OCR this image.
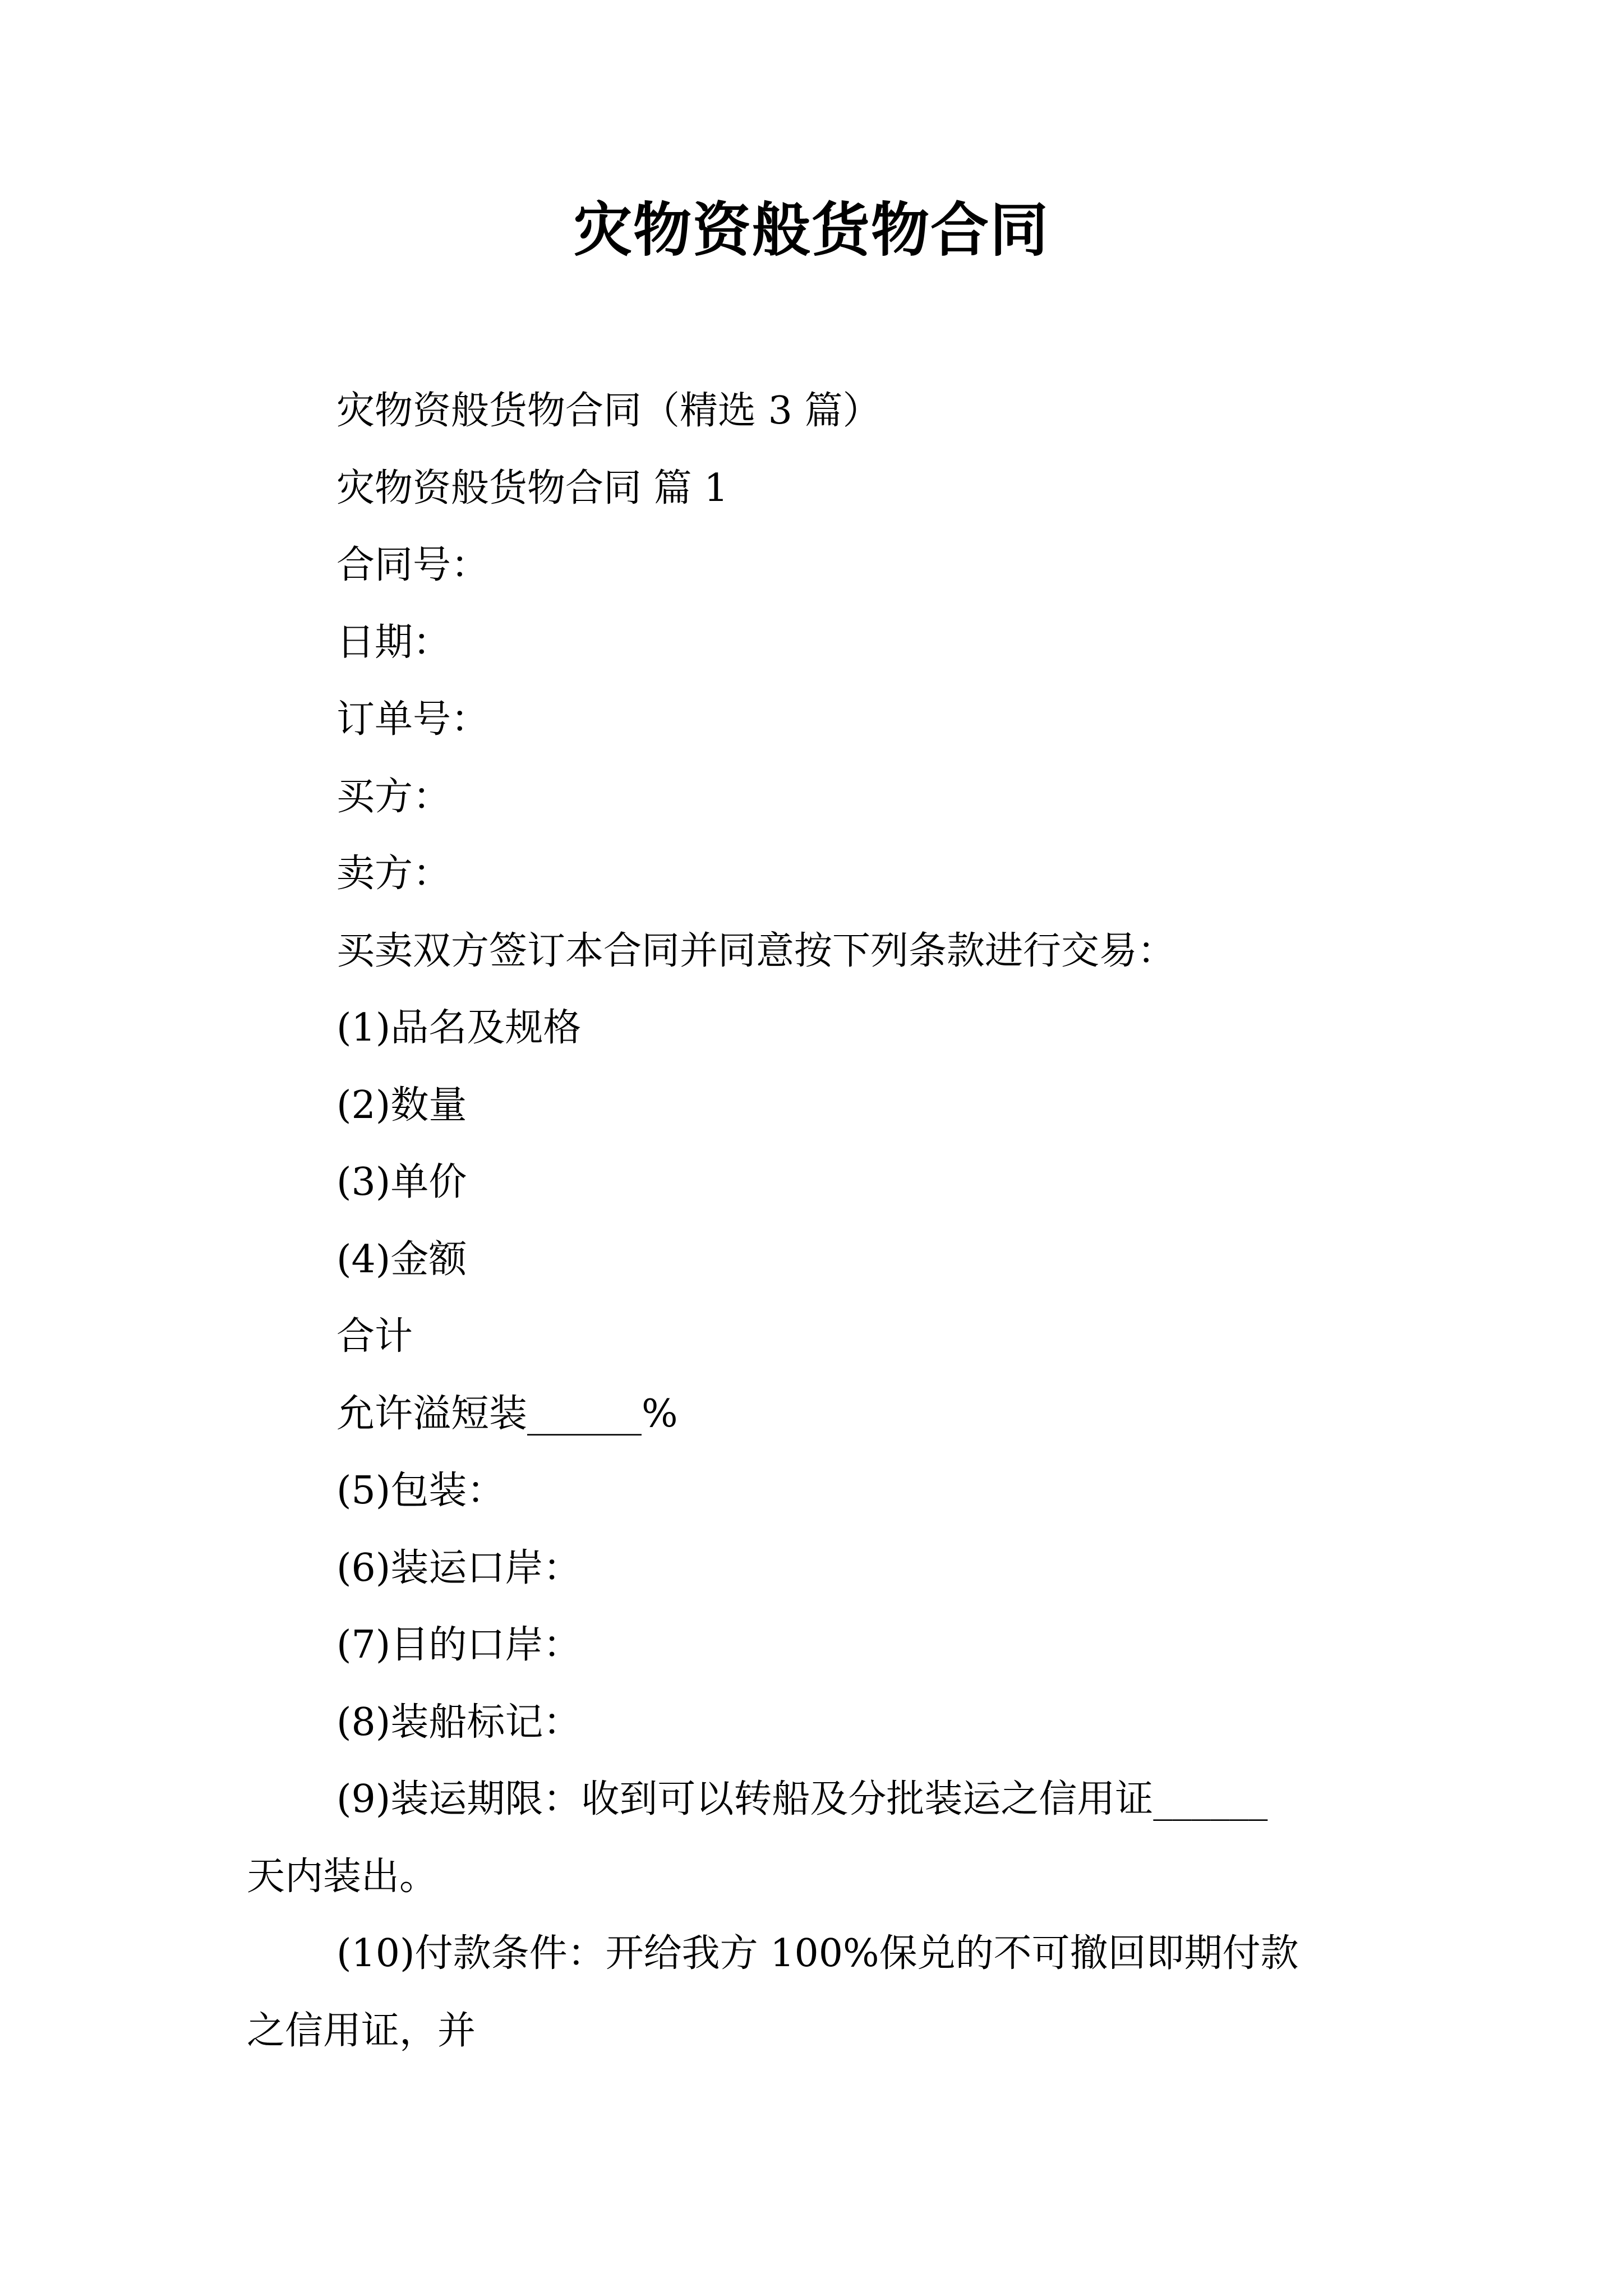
灾物资般货物合同
灾物资般货物合同（精选 3 篇）
灾物资般货物合同 篇 1
合同号：
日期：
订单号：
买方：
卖方：
买卖双方签订本合同并同意按下列条款进行交易：
(1)品名及规格
(2)数量
(3)单价
(4)金额
合计
允许溢短装______%
(5)包装：
(6)装运口岸：
(7)目的口岸：
(8)装船标记：
(9)装运期限：收到可以转船及分批装运之信用证______
天内装出。
(10)付款条件：开给我方 100%保兑的不可撤回即期付款
之信用证，并
